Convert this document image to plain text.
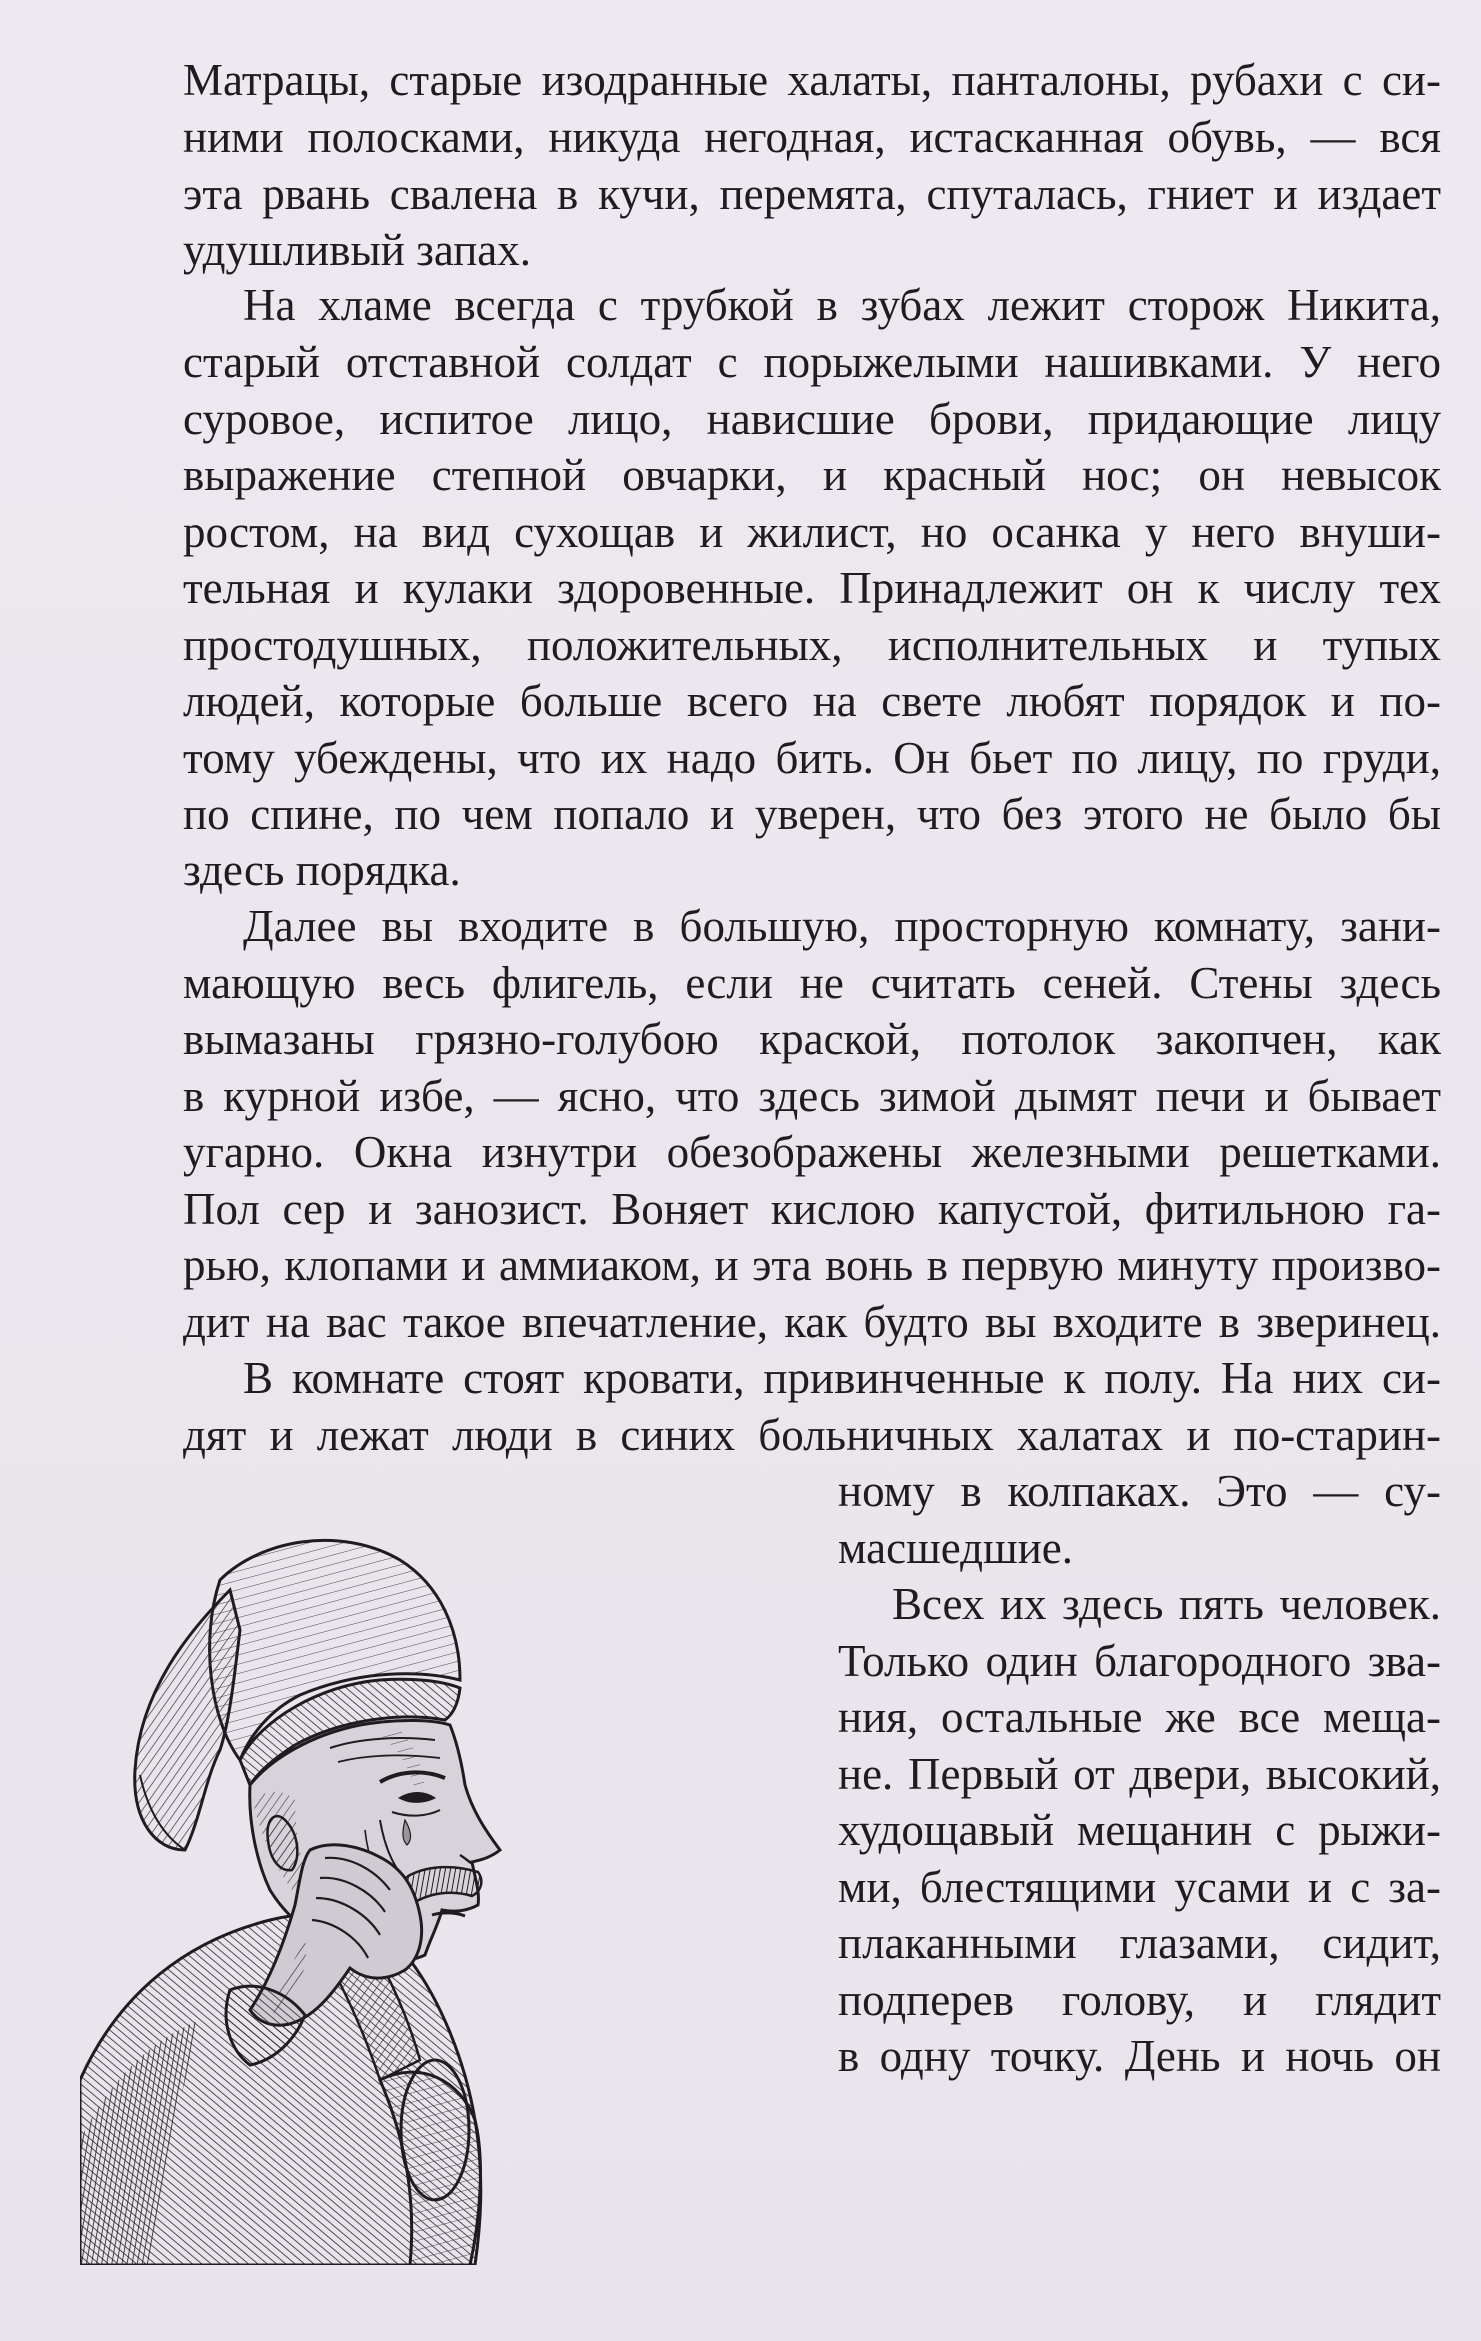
Матрацы, старые изодранные халаты, панталоны, рубахи с си-
ними полосками, никуда негодная, истасканная обувь, — вся
эта рвань свалена в кучи, перемята, спуталась, гниет и издает
удушливый запах.
На хламе всегда с трубкой в зубах лежит сторож Никита,
старый отставной солдат с порыжелыми нашивками. У него
суровое, испитое лицо, нависшие брови, придающие лицу
выражение степной овчарки, и красный нос; он невысок
ростом, на вид сухощав и жилист, но осанка у него внуши-
тельная и кулаки здоровенные. Принадлежит он к числу тех
простодушных, положительных, исполнительных и тупых
людей, которые больше всего на свете любят порядок и по-
тому убеждены, что их надо бить. Он бьет по лицу, по груди,
по спине, по чем попало и уверен, что без этого не было бы
здесь порядка.
Далее вы входите в большую, просторную комнату, зани-
мающую весь флигель, если не считать сеней. Стены здесь
вымазаны грязно-голубою краской, потолок закопчен, как
в курной избе, — ясно, что здесь зимой дымят печи и бывает
угарно. Окна изнутри обезображены железными решетками.
Пол сер и занозист. Воняет кислою капустой, фитильною га-
рью, клопами и аммиаком, и эта вонь в первую минуту произво-
дит на вас такое впечатление, как будто вы входите в зверинец.
В комнате стоят кровати, привинченные к полу. На них си-
дят и лежат люди в синих больничных халатах и по-старин-
ному в колпаках. Это — су-
масшедшие.
Всех их здесь пять человек.
Только один благородного зва-
ния, остальные же все меща-
не. Первый от двери, высокий,
худощавый мещанин с рыжи-
ми, блестящими усами и с за-
плаканными глазами, сидит,
подперев голову, и глядит
в одну точку. День и ночь он
